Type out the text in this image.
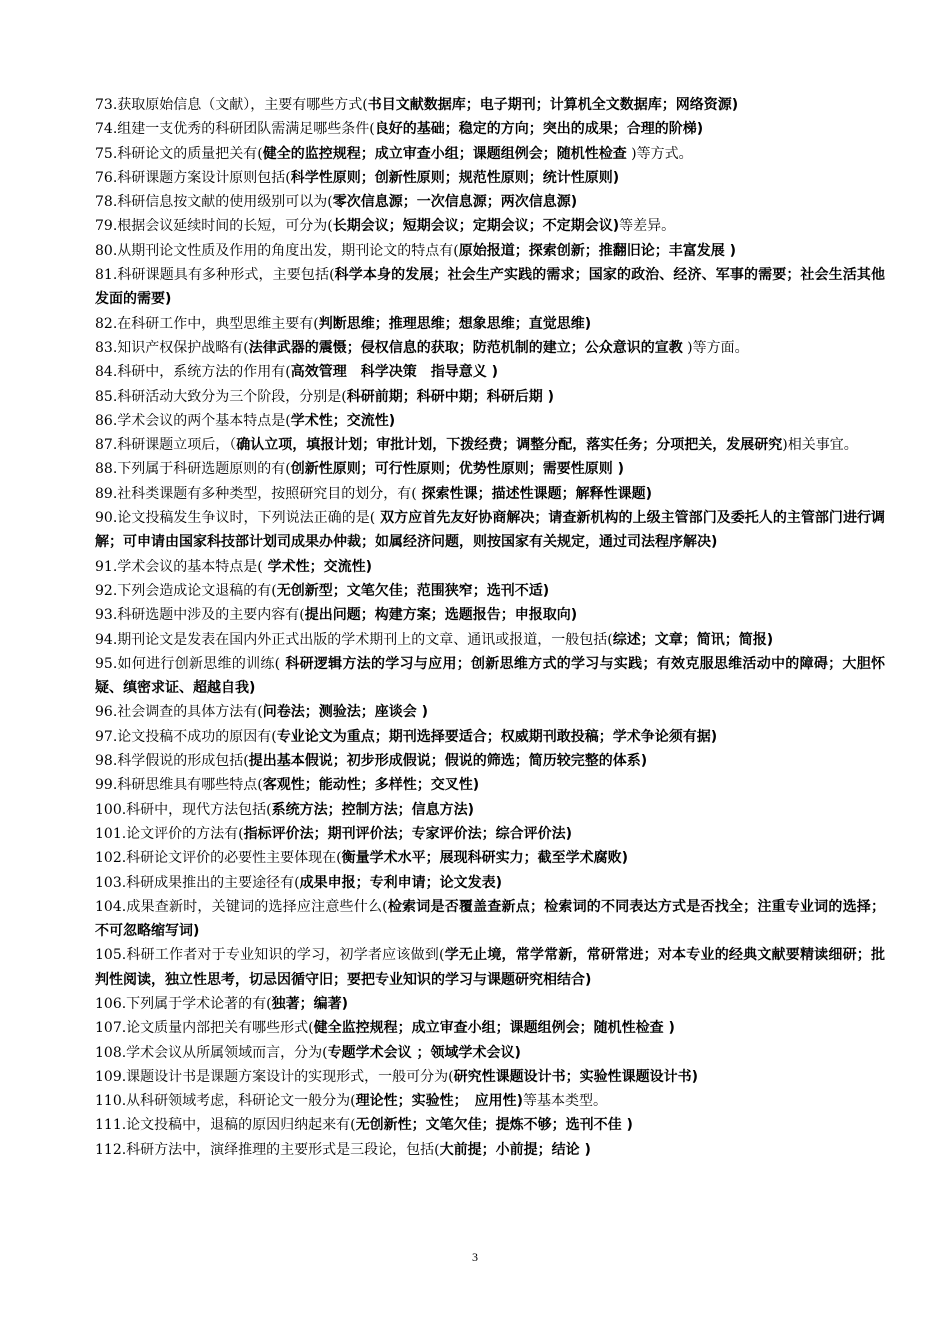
73.获取原始信息（文献），主要有哪些方式(书目文献数据库；电子期刊；计算机全文数据库；网络资源)
74.组建一支优秀的科研团队需满足哪些条件(良好的基础；稳定的方向；突出的成果；合理的阶梯)
75.科研论文的质量把关有(健全的监控规程；成立审查小组；课题组例会；随机性检查 )等方式。
76.科研课题方案设计原则包括(科学性原则；创新性原则；规范性原则；统计性原则)
78.科研信息按文献的使用级别可以为(零次信息源；一次信息源；两次信息源)
79.根据会议延续时间的长短，可分为(长期会议；短期会议；定期会议；不定期会议)等差异。
80.从期刊论文性质及作用的角度出发，期刊论文的特点有(原始报道；探索创新；推翻旧论；丰富发展 )
81.科研课题具有多种形式，主要包括(科学本身的发展；社会生产实践的需求；国家的政治、经济、军事的需要；社会生活其他发面的需要)
82.在科研工作中，典型思维主要有(判断思维；推理思维；想象思维；直觉思维)
83.知识产权保护战略有(法律武器的震慑；侵权信息的获取；防范机制的建立；公众意识的宣教 )等方面。
84.科研中，系统方法的作用有(高效管理　科学决策　指导意义 )
85.科研活动大致分为三个阶段，分别是(科研前期；科研中期；科研后期 )
86.学术会议的两个基本特点是(学术性；交流性)
87.科研课题立项后，（确认立项，填报计划；审批计划，下拨经费；调整分配，落实任务；分项把关，发展研究)相关事宜。
88.下列属于科研选题原则的有(创新性原则；可行性原则；优势性原则；需要性原则 )
89.社科类课题有多种类型，按照研究目的划分，有( 探索性课；描述性课题；解释性课题)
90.论文投稿发生争议时，下列说法正确的是( 双方应首先友好协商解决；请查新机构的上级主管部门及委托人的主管部门进行调解；可申请由国家科技部计划司成果办仲裁；如属经济问题，则按国家有关规定，通过司法程序解决)
91.学术会议的基本特点是( 学术性；交流性)
92.下列会造成论文退稿的有(无创新型；文笔欠佳；范围狭窄；选刊不适)
93.科研选题中涉及的主要内容有(提出问题；构建方案；选题报告；申报取向)
94.期刊论文是发表在国内外正式出版的学术期刊上的文章、通讯或报道，一般包括(综述；文章；简讯；简报)
95.如何进行创新思维的训练( 科研逻辑方法的学习与应用；创新思维方式的学习与实践；有效克服思维活动中的障碍；大胆怀疑、缜密求证、超越自我)
96.社会调查的具体方法有(问卷法；测验法；座谈会 )
97.论文投稿不成功的原因有(专业论文为重点；期刊选择要适合；权威期刊敢投稿；学术争论须有据)
98.科学假说的形成包括(提出基本假说；初步形成假说；假说的筛选；简历较完整的体系)
99.科研思维具有哪些特点(客观性；能动性；多样性；交叉性)
100.科研中，现代方法包括(系统方法；控制方法；信息方法)
101.论文评价的方法有(指标评价法；期刊评价法；专家评价法；综合评价法)
102.科研论文评价的必要性主要体现在(衡量学术水平；展现科研实力；截至学术腐败)
103.科研成果推出的主要途径有(成果申报；专利申请；论文发表)
104.成果查新时，关键词的选择应注意些什么(检索词是否覆盖查新点；检索词的不同表达方式是否找全；注重专业词的选择；不可忽略缩写词)
105.科研工作者对于专业知识的学习，初学者应该做到(学无止境，常学常新，常研常进；对本专业的经典文献要精读细研；批判性阅读，独立性思考，切忌因循守旧；要把专业知识的学习与课题研究相结合)
106.下列属于学术论著的有(独著；编著)
107.论文质量内部把关有哪些形式(健全监控规程；成立审查小组；课题组例会；随机性检查 )
108.学术会议从所属领域而言，分为(专题学术会议 ；领域学术会议)
109.课题设计书是课题方案设计的实现形式，一般可分为(研究性课题设计书；实验性课题设计书)
110.从科研领域考虑，科研论文一般分为(理论性；实验性；　应用性)等基本类型。
111.论文投稿中，退稿的原因归纳起来有(无创新性；文笔欠佳；提炼不够；选刊不佳 )
112.科研方法中，演绎推理的主要形式是三段论，包括(大前提；小前提；结论 )
3
